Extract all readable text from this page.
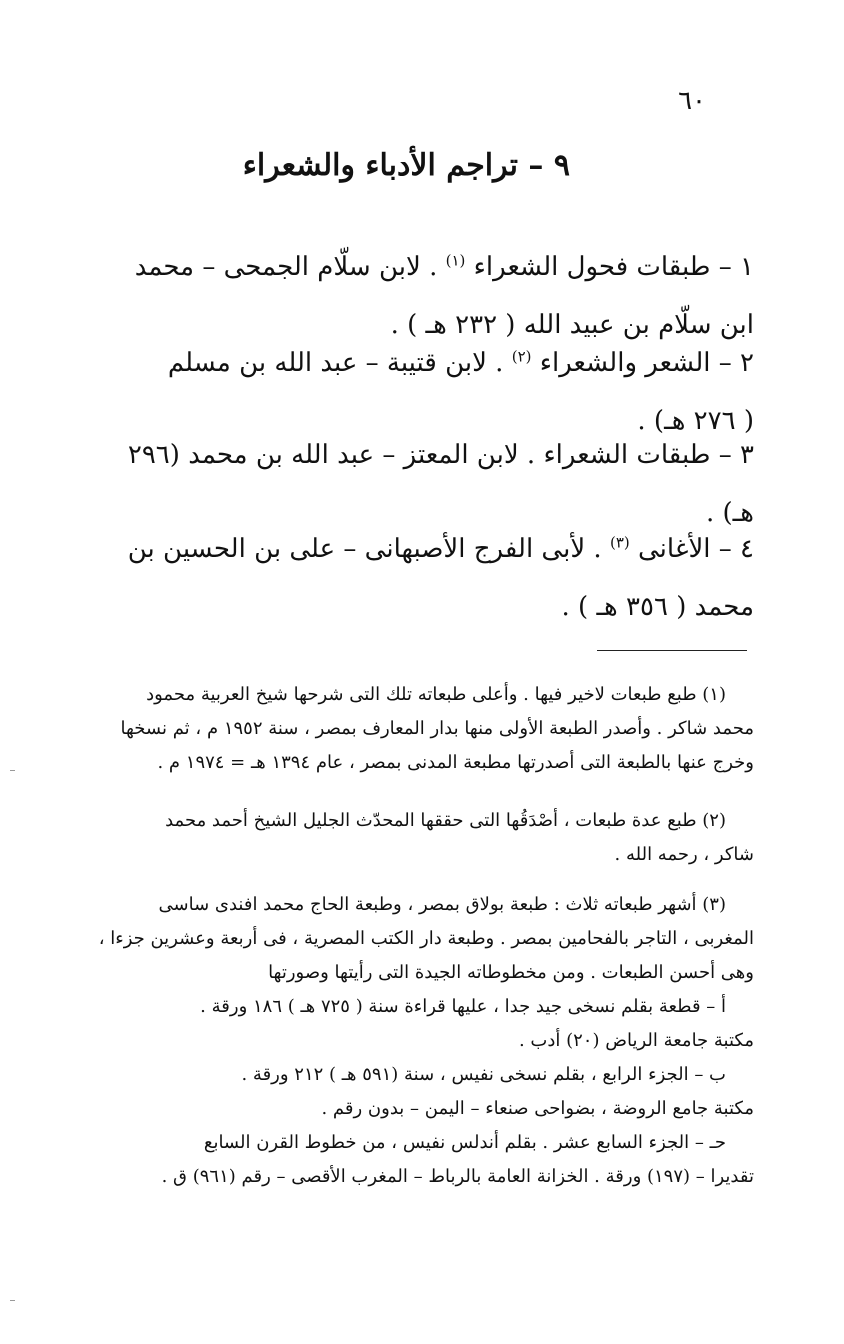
٦٠
٩ – تراجم الأدباء والشعراء
١ – طبقات فحول الشعراء $^{(١)}$ . لابن سلّام الجمحى – محمد
ابن سلّام بن عبيد الله ( ٢٣٢ هـ ) .
٢ – الشعر والشعراء $^{(٢)}$ . لابن قتيبة – عبد الله بن مسلم
( ٢٧٦ هـ) .
٣ – طبقات الشعراء . لابن المعتز – عبد الله بن محمد (٢٩٦
هـ) .
٤ – الأغانى $^{(٣)}$ . لأبى الفرج الأصبهانى – على بن الحسين بن
محمد ( ٣٥٦ هـ ) .
(١) طبع طبعات لاخير فيها . وأعلى طبعاته تلك التى شرحها شيخ العربية محمود
محمد شاكر . وأصدر الطبعة الأولى منها بدار المعارف بمصر ، سنة ١٩٥٢ م ، ثم نسخها
وخرج عنها بالطبعة التى أصدرتها مطبعة المدنى بمصر ، عام ١٣٩٤ هـ = ١٩٧٤ م .
(٢) طبع عدة طبعات ، أصْدَقُها التى حققها المحدّث الجليل الشيخ أحمد محمد
شاكر ، رحمه الله .
(٣) أشهر طبعاته ثلاث : طبعة بولاق بمصر ، وطبعة الحاج محمد افندى ساسى
المغربى ، التاجر بالفحامين بمصر . وطبعة دار الكتب المصرية ، فى أربعة وعشرين جزءا ،
وهى أحسن الطبعات . ومن مخطوطاته الجيدة التى رأيتها وصورتها
أ – قطعة بقلم نسخى جيد جدا ، عليها قراءة سنة ( ٧٢٥ هـ ) ١٨٦ ورقة .
مكتبة جامعة الرياض (٢٠) أدب .
ب – الجزء الرابع ، بقلم نسخى نفيس ، سنة (٥٩١ هـ ) ٢١٢ ورقة .
مكتبة جامع الروضة ، بضواحى صنعاء – اليمن – بدون رقم .
حـ – الجزء السابع عشر . بقلم أندلس نفيس ، من خطوط القرن السابع
تقديرا – (١٩٧) ورقة . الخزانة العامة بالرباط – المغرب الأقصى – رقم (٩٦١) ق .
